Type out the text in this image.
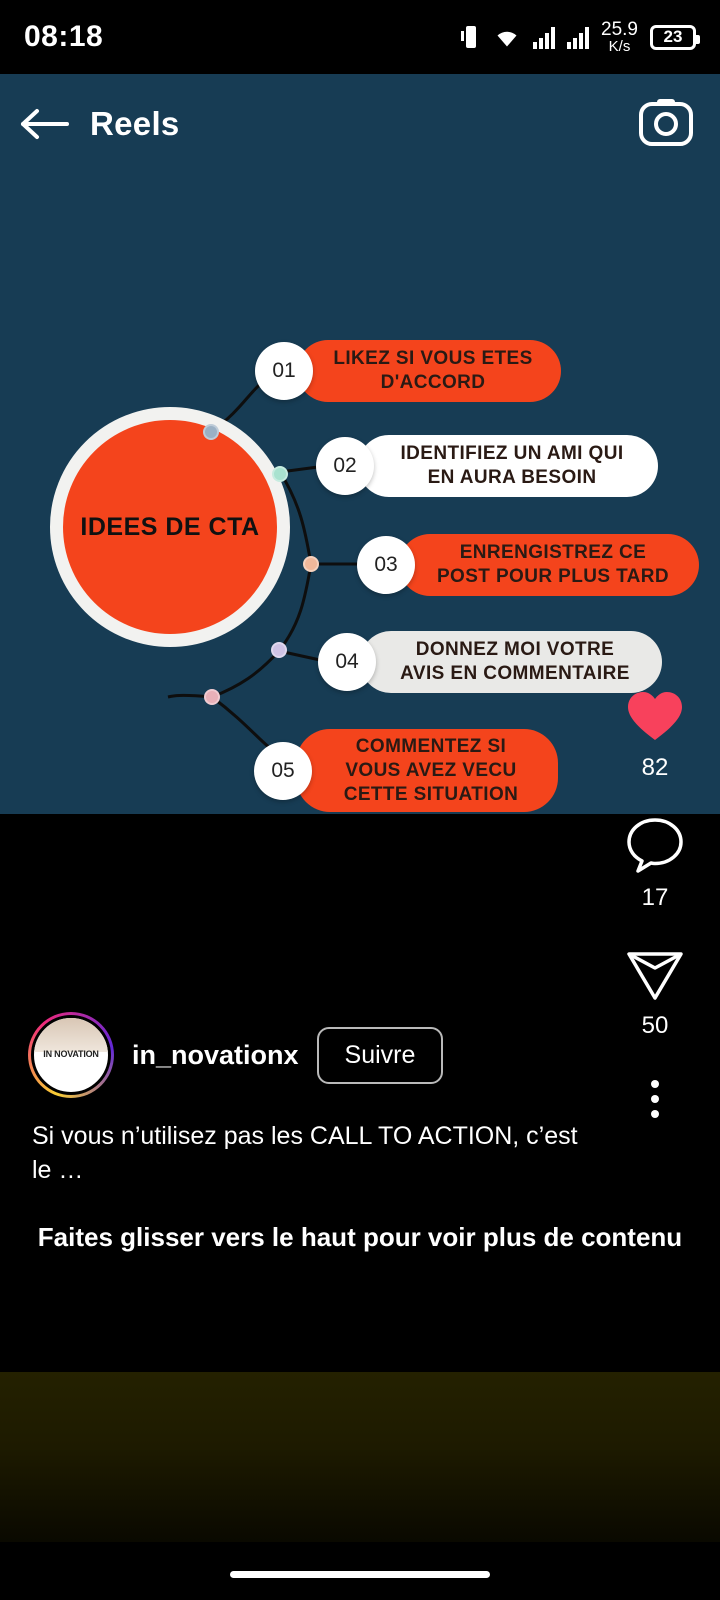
08:18	25.9
K/s
23
IDEES DE CTA
01
LIKEZ SI VOUS ETES D'ACCORD
02
IDENTIFIEZ UN AMI QUI EN AURA BESOIN
03
ENRENGISTREZ CE POST POUR PLUS TARD
04
DONNEZ MOI VOTRE AVIS EN COMMENTAIRE
05
COMMENTEZ SI VOUS AVEZ VECU CETTE SITUATION
Reels
82
17
50
IN NOVATION in_novationx	Suivre
Si vous n’utilisez pas les CALL TO ACTION, c’est le …
Faites glisser vers le haut pour voir plus de contenu
